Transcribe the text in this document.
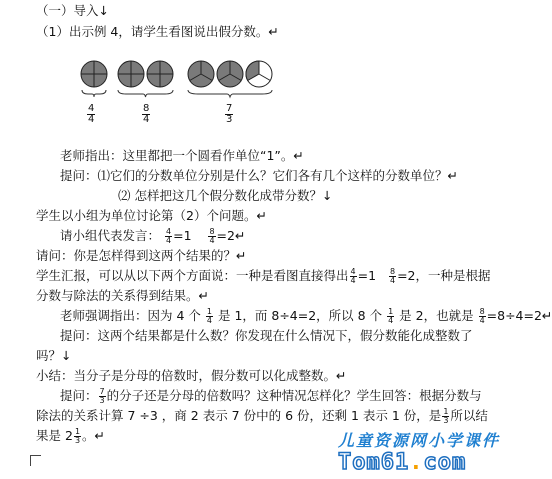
（一）导入↓
（1）出示例 4，请学生看图说出假分数。↵
4
4
8
4
7
3
老师指出：这里都把一个圆看作单位“1”。↵
提问：⑴它们的分数单位分别是什么？它们各有几个这样的分数单位？↵
⑵ 怎样把这几个假分数化成带分数？↓
学生以小组为单位讨论第（2）个问题。↵
请小组代表发言： $\frac{4}{4} =1 \frac{8}{4}$ =2↵
请问：你是怎样得到这两个结果的？↵
学生汇报，可以从以下两个方面说：一种是看图直接得出 $\frac{4}{4} =1 \frac{8}{4} =2$，一种是根据
分数与除法的关系得到结果。↵
老师强调指出：因为 4 个 $\frac{1}{4}$ 是 1，而 8÷4=2，所以 8 个 $\frac{1}{4}$ 是 2，也就是 $\frac{8}{4}$ =8÷4=2↵
提问：这两个结果都是什么数？你发现在什么情况下，假分数能化成整数了
吗？↓
小结：当分子是分母的倍数时，假分数可以化成整数。↵
提问： $\frac{7}{3}$ 的分子还是分母的倍数吗？这种情况怎样化？学生回答：根据分数与
除法的关系计算 7 ÷3 ，商 2 表示 7 份中的 6 份，还剩 1 表示 1 份，是 $\frac{1}{3}$ 所以结
果是 $2 \frac{1}{3}$ 。↵	儿童资源网小学课件
Tom61.com
